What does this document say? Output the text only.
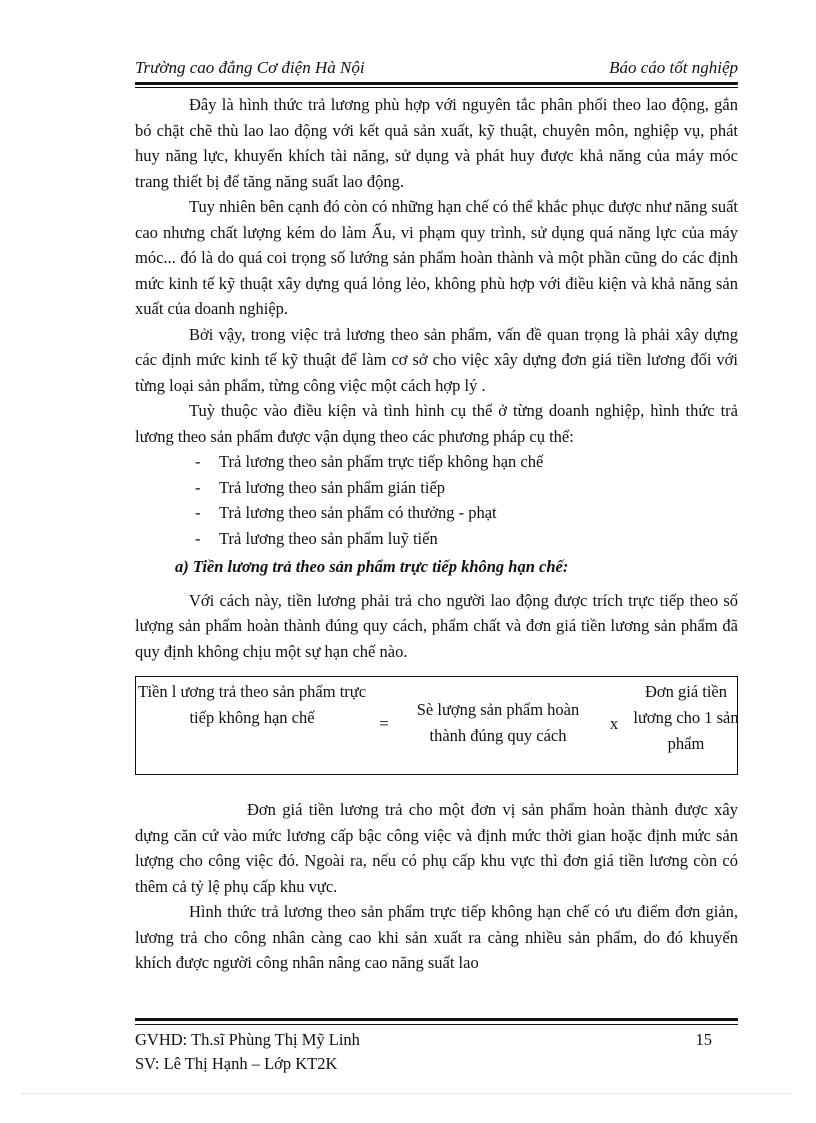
Trường cao đẳng Cơ điện Hà Nội	Báo cáo tốt nghiệp

Đây là hình thức trả lương phù hợp với nguyên tắc phân phối theo lao động, gắn bó chặt chẽ thù lao lao động với kết quả sản xuất, kỹ thuật, chuyên môn, nghiệp vụ, phát huy năng lực, khuyến khích tài năng, sử dụng và phát huy được khả năng của máy móc trang thiết bị để tăng năng suất lao động.

Tuy nhiên bên cạnh đó còn có những hạn chế có thể khắc phục được như năng suất cao nhưng chất lượng kém do làm Ẩu, vi phạm quy trình, sử dụng quá năng lực của máy móc... đó là do quá coi trọng số lướng sản phẩm hoàn thành và một phần cũng do các định mức kinh tế kỹ thuật xây dựng quá lỏng lẻo, không phù hợp với điều kiện và khả năng sản xuất của doanh nghiệp.

Bởi vậy, trong việc trả lương theo sản phẩm, vấn đề quan trọng là phải xây dựng các định mức kinh tế kỹ thuật để làm cơ sở cho việc xây dựng đơn giá tiền lương đối với từng loại sản phẩm, từng công việc một cách hợp lý .

Tuỳ thuộc vào điều kiện và tình hình cụ thể ở từng doanh nghiệp, hình thức trả lương theo sản phẩm được vận dụng theo các phương pháp cụ thể:

- Trả lương theo sản phẩm trực tiếp không hạn chế
- Trả lương theo sản phẩm gián tiếp
- Trả lương theo sản phẩm có thưởng - phạt
- Trả lương theo sản phẩm luỹ tiến
a) Tiền lương trả theo sản phẩm trực tiếp không hạn chế:

Với cách này, tiền lương phải trả cho người lao động được trích trực tiếp theo số lượng sản phẩm hoàn thành đúng quy cách, phẩm chất và đơn giá tiền lương sản phẩm đã quy định không chịu một sự hạn chế nào.

Tiền l ương trả theo sản phẩm trực tiếp không hạn chế	=
Sè lượng sản phẩm hoàn thành đúng quy cách
x
Đơn giá tiền lương cho 1 sản phẩm

Đơn giá tiền lương trả cho một đơn vị sản phẩm hoàn thành được xây dựng căn cứ vào mức lương cấp bậc công việc và định mức thời gian hoặc định mức sản lượng cho công việc đó. Ngoài ra, nếu có phụ cấp khu vực thì đơn giá tiền lương còn có thêm cả tỷ lệ phụ cấp khu vực.

Hình thức trả lương theo sản phẩm trực tiếp không hạn chế có ưu điểm đơn giản, lương trả cho công nhân càng cao khi sản xuất ra càng nhiều sản phẩm, do đó khuyến khích được người công nhân nâng cao năng suất lao

GVHD: Th.sĩ Phùng Thị Mỹ Linh
SV: Lê Thị Hạnh – Lớp KT2K
15
